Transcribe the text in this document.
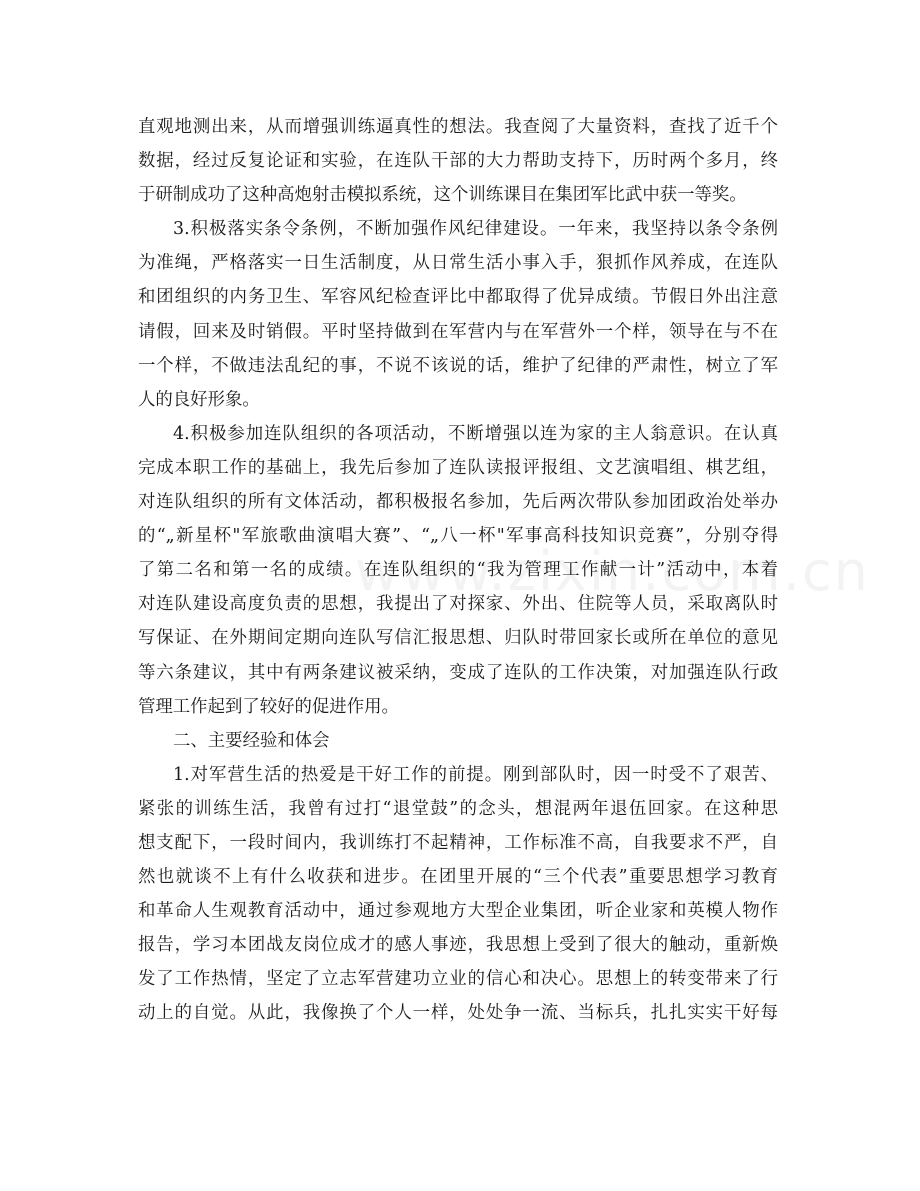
直观地测出来，从而增强训练逼真性的想法。我查阅了大量资料，查找了近千个
数据，经过反复论证和实验，在连队干部的大力帮助支持下，历时两个多月，终
于研制成功了这种高炮射击模拟系统，这个训练课目在集团军比武中获一等奖。
3.积极落实条令条例，不断加强作风纪律建设。一年来，我坚持以条令条例
为准绳，严格落实一日生活制度，从日常生活小事入手，狠抓作风养成，在连队
和团组织的内务卫生、军容风纪检查评比中都取得了优异成绩。节假日外出注意
请假，回来及时销假。平时坚持做到在军营内与在军营外一个样，领导在与不在
一个样，不做违法乱纪的事，不说不该说的话，维护了纪律的严肃性，树立了军
人的良好形象。
4.积极参加连队组织的各项活动，不断增强以连为家的主人翁意识。在认真
完成本职工作的基础上，我先后参加了连队读报评报组、文艺演唱组、棋艺组，
对连队组织的所有文体活动，都积极报名参加，先后两次带队参加团政治处举办
的“„新星杯"军旅歌曲演唱大赛”、“„八一杯"军事高科技知识竞赛”，分别夺得
了第二名和第一名的成绩。在连队组织的“我为管理工作献一计”活动中，本着
对连队建设高度负责的思想，我提出了对探家、外出、住院等人员，采取离队时
写保证、在外期间定期向连队写信汇报思想、归队时带回家长或所在单位的意见
等六条建议，其中有两条建议被采纳，变成了连队的工作决策，对加强连队行政
管理工作起到了较好的促进作用。
二、主要经验和体会
1.对军营生活的热爱是干好工作的前提。刚到部队时，因一时受不了艰苦、
紧张的训练生活，我曾有过打“退堂鼓”的念头，想混两年退伍回家。在这种思
想支配下，一段时间内，我训练打不起精神，工作标准不高，自我要求不严，自
然也就谈不上有什么收获和进步。在团里开展的“三个代表”重要思想学习教育
和革命人生观教育活动中，通过参观地方大型企业集团，听企业家和英模人物作
报告，学习本团战友岗位成才的感人事迹，我思想上受到了很大的触动，重新焕
发了工作热情，坚定了立志军营建功立业的信心和决心。思想上的转变带来了行
动上的自觉。从此，我像换了个人一样，处处争一流、当标兵，扎扎实实干好每
